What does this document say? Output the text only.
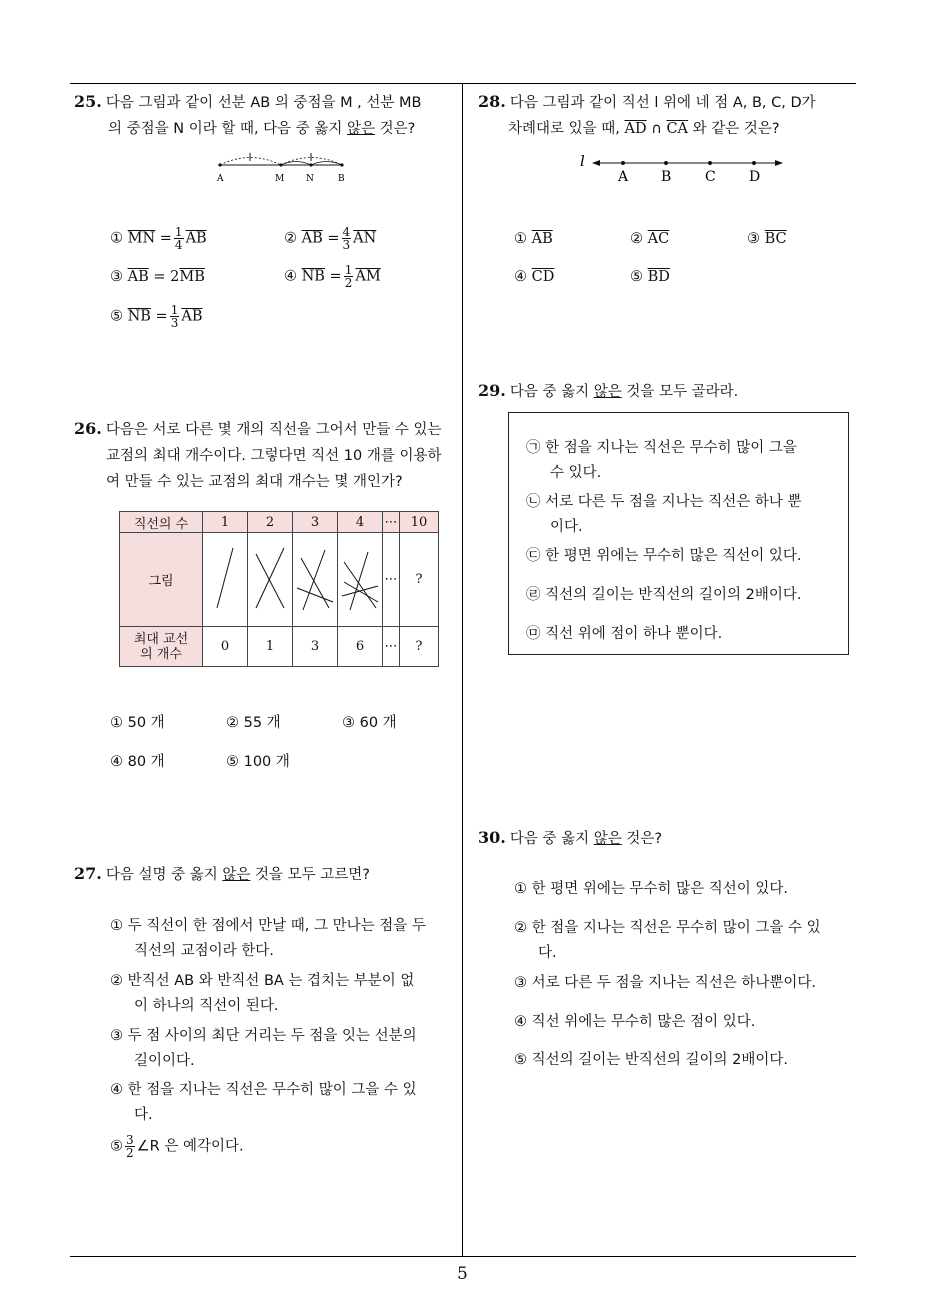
25. 다음 그림과 같이 선분 AB 의 중점을 M , 선분 MB
의 중점을 N 이라 할 때, 다음 중 옳지 않은 것은?
A	M N	B
① $\overline{MN} = \frac{1}{4} \overline{AB}$	② $\overline{AB} = \frac{4}{3} \overline{AN}$
③ $\overline{AB} = 2\overline{MB}$	④ $\overline{NB} = \frac{1}{2} \overline{AM}$
⑤ $\overline{NB} = \frac{1}{3} \overline{AB}$
26. 다음은 서로 다른 몇 개의 직선을 그어서 만들 수 있는
교점의 최대 개수이다. 그렇다면 직선 10 개를 이용하
여 만들 수 있는 교점의 최대 개수는 몇 개인가?
직선의 수	1	2	3	4	⋯	10
그림					⋯	?
최대 교선의 개수	0	1	3	6	⋯	?
① 50 개	② 55 개	③ 60 개
④ 80 개	⑤ 100 개
27. 다음 설명 중 옳지 않은 것을 모두 고르면?
① 두 직선이 한 점에서 만날 때, 그 만나는 점을 두
직선의 교점이라 한다.
② 반직선 AB 와 반직선 BA 는 겹치는 부분이 없
이 하나의 직선이 된다.
③ 두 점 사이의 최단 거리는 두 점을 잇는 선분의
길이이다.
④ 한 점을 지나는 직선은 무수히 많이 그을 수 있
다.
⑤ $\frac{3}{2}$ ∠R 은 예각이다.
28. 다음 그림과 같이 직선 l 위에 네 점 A, B, C, D가
차례대로 있을 때, $\overline{AD}$ ∩ $\overline{CA}$ 와 같은 것은?
l
A B C D
① $\overline{AB}$	② $\overline{AC}$	③ $\overline{BC}$
④ $\overline{CD}$	⑤ $\overline{BD}$
29. 다음 중 옳지 않은 것을 모두 골라라.
㉠ 한 점을 지나는 직선은 무수히 많이 그을
수 있다.
㉡ 서로 다른 두 점을 지나는 직선은 하나 뿐
이다.
㉢ 한 평면 위에는 무수히 많은 직선이 있다.
㉣ 직선의 길이는 반직선의 길이의 2배이다.
㉤ 직선 위에 점이 하나 뿐이다.
30. 다음 중 옳지 않은 것은?
① 한 평면 위에는 무수히 많은 직선이 있다.
② 한 점을 지나는 직선은 무수히 많이 그을 수 있
다.
③ 서로 다른 두 점을 지나는 직선은 하나뿐이다.
④ 직선 위에는 무수히 많은 점이 있다.
⑤ 직선의 길이는 반직선의 길이의 2배이다.
5
